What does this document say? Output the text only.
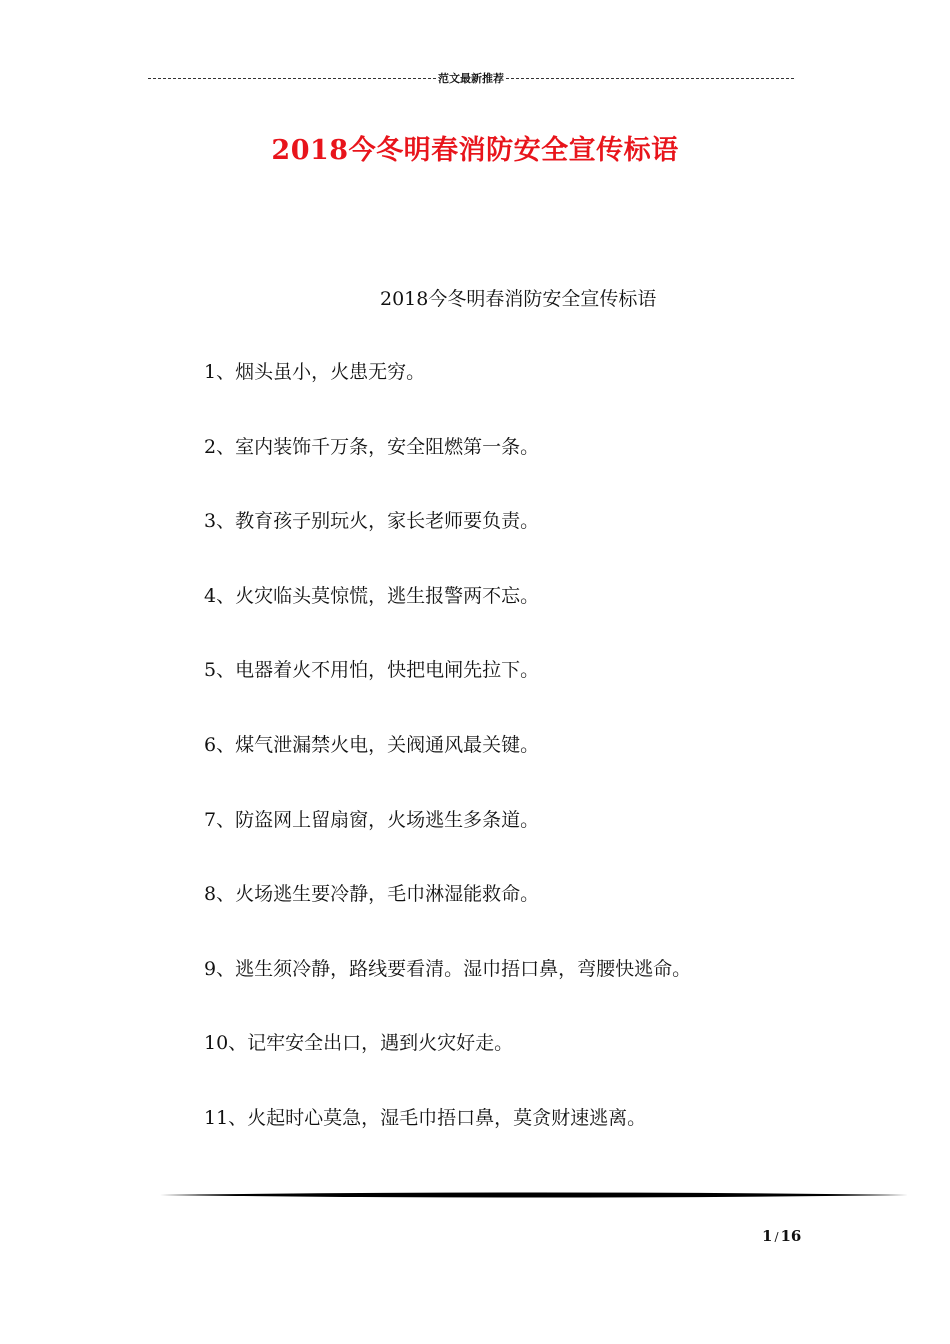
范文最新推荐
2018今冬明春消防安全宣传标语
2018今冬明春消防安全宣传标语
1、烟头虽小，火患无穷。
2、室内装饰千万条，安全阻燃第一条。
3、教育孩子别玩火，家长老师要负责。
4、火灾临头莫惊慌，逃生报警两不忘。
5、电器着火不用怕，快把电闸先拉下。
6、煤气泄漏禁火电，关阀通风最关键。
7、防盗网上留扇窗，火场逃生多条道。
8、火场逃生要冷静，毛巾淋湿能救命。
9、逃生须冷静，路线要看清。湿巾捂口鼻，弯腰快逃命。
10、记牢安全出口，遇到火灾好走。
11、火起时心莫急，湿毛巾捂口鼻，莫贪财速逃离。
1 / 16
